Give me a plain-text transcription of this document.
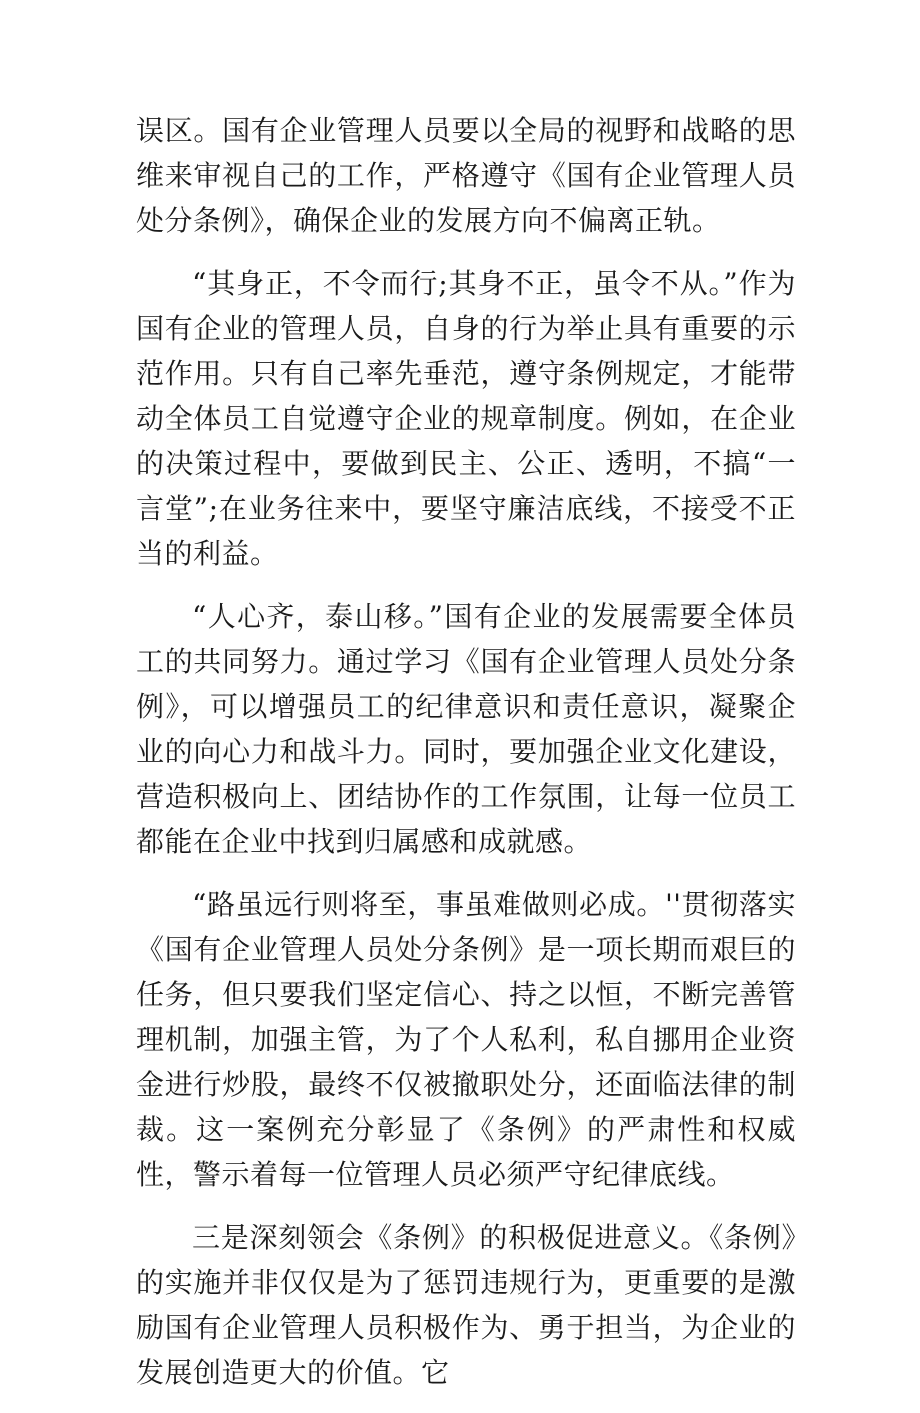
误区。国有企业管理人员要以全局的视野和战略的思维来审视自己的工作，严格遵守《国有企业管理人员处分条例》，确保企业的发展方向不偏离正轨。

“其身正，不令而行;其身不正，虽令不从。”作为国有企业的管理人员，自身的行为举止具有重要的示范作用。只有自己率先垂范，遵守条例规定，才能带动全体员工自觉遵守企业的规章制度。例如，在企业的决策过程中，要做到民主、公正、透明，不搞“一言堂”;在业务往来中，要坚守廉洁底线，不接受不正当的利益。

“人心齐，泰山移。”国有企业的发展需要全体员工的共同努力。通过学习《国有企业管理人员处分条例》，可以增强员工的纪律意识和责任意识，凝聚企业的向心力和战斗力。同时，要加强企业文化建设，营造积极向上、团结协作的工作氛围，让每一位员工都能在企业中找到归属感和成就感。

“路虽远行则将至，事虽难做则必成。''贯彻落实《国有企业管理人员处分条例》是一项长期而艰巨的任务，但只要我们坚定信心、持之以恒，不断完善管理机制，加强主管，为了个人私利，私自挪用企业资金进行炒股，最终不仅被撤职处分，还面临法律的制裁。这一案例充分彰显了《条例》的严肃性和权威性，警示着每一位管理人员必须严守纪律底线。

三是深刻领会《条例》的积极促进意义。《条例》的实施并非仅仅是为了惩罚违规行为，更重要的是激励国有企业管理人员积极作为、勇于担当，为企业的发展创造更大的价值。它
